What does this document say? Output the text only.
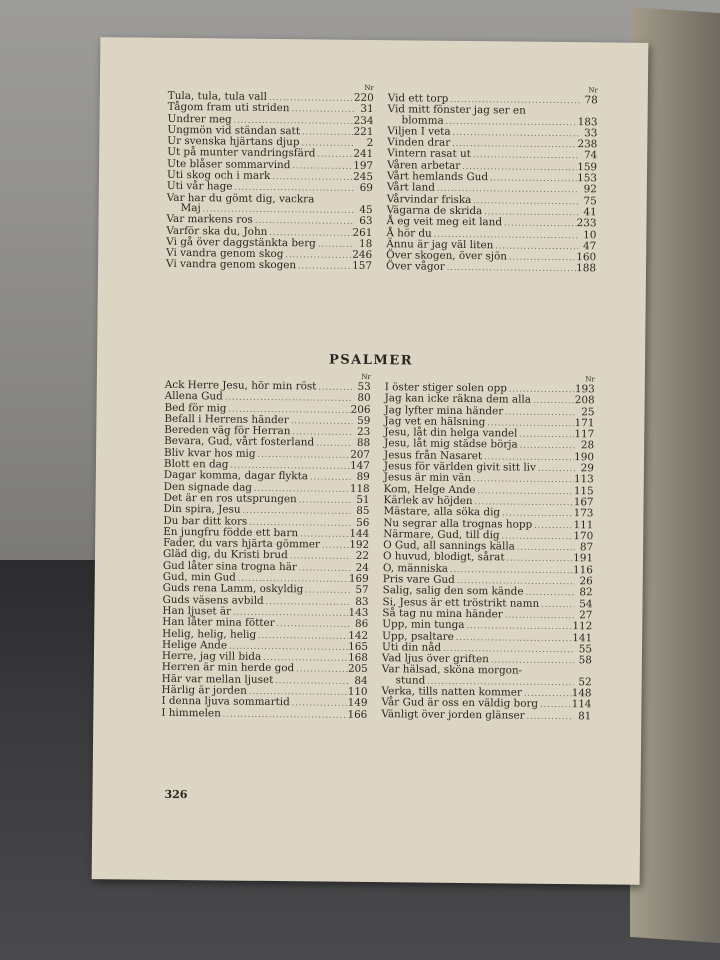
Nr
Tula, tula, tula vall .....	220
Tågom fram uti striden .....	31
Undrer meg .....	234
Ungmön vid ständan satt .....	221
Ur svenska hjärtans djup .....	2
Ut på munter vandringsfärd .....	241
Ute blåser sommarvind .....	197
Uti skog och i mark .....	245
Uti vår hage .....	69
Var har du gömt dig, vackra
Maj .....	45
Var markens ros .....	63
Varför ska du, John .....	261
Vi gå över daggstänkta berg .....	18
Vi vandra genom skog .....	246
Vi vandra genom skogen .....	157
Nr
Vid ett torp .....	78
Vid mitt fönster jag ser en
blomma .....	183
Viljen I veta .....	33
Vinden drar .....	238
Vintern rasat ut .....	74
Våren arbetar .....	159
Vårt hemlands Gud .....	153
Vårt land .....	92
Vårvindar friska .....	75
Vägarna de skrida .....	41
Å eg veit meg eit land .....	233
Å hör du .....	10
Ännu är jag väl liten .....	47
Över skogen, över sjön .....	160
Över vågor .....	188
PSALMER
Nr
Ack Herre Jesu, hör min röst .....	53
Allena Gud .....	80
Bed för mig .....	206
Befall i Herrens händer .....	59
Bereden väg för Herran .....	23
Bevara, Gud, vårt fosterland .....	88
Bliv kvar hos mig .....	207
Blott en dag .....	147
Dagar komma, dagar flykta .....	89
Den signade dag .....	118
Det är en ros utsprungen .....	51
Din spira, Jesu .....	85
Du bar ditt kors .....	56
En jungfru födde ett barn .....	144
Fader, du vars hjärta gömmer .....	192
Gläd dig, du Kristi brud .....	22
Gud låter sina trogna här .....	24
Gud, min Gud .....	169
Guds rena Lamm, oskyldig .....	57
Guds väsens avbild .....	83
Han ljuset är .....	143
Han låter mina fötter .....	86
Helig, helig, helig .....	142
Helige Ande .....	165
Herre, jag vill bida .....	168
Herren är min herde god .....	205
Här var mellan ljuset .....	84
Härlig är jorden .....	110
I denna ljuva sommartid .....	149
I himmelen .....	166
Nr
I öster stiger solen opp .....	193
Jag kan icke räkna dem alla .....	208
Jag lyfter mina händer .....	25
Jag vet en hälsning .....	171
Jesu, låt din helga vandel .....	117
Jesu, låt mig städse börja .....	28
Jesus från Nasaret .....	190
Jesus för världen givit sitt liv .....	29
Jesus är min vän .....	113
Kom, Helge Ande .....	115
Kärlek av höjden .....	167
Mästare, alla söka dig .....	173
Nu segrar alla trognas hopp .....	111
Närmare, Gud, till dig .....	170
O Gud, all sannings källa .....	87
O huvud, blodigt, sårat .....	191
O, människa .....	116
Pris vare Gud .....	26
Salig, salig den som kände .....	82
Si, Jesus är ett tröstrikt namn .....	54
Så tag nu mina händer .....	27
Upp, min tunga .....	112
Upp, psaltare .....	141
Uti din nåd .....	55
Vad ljus över griften .....	58
Var hälsad, sköna morgon-
stund .....	52
Verka, tills natten kommer .....	148
Vår Gud är oss en väldig borg .....	114
Vänligt över jorden glänser .....	81
326
